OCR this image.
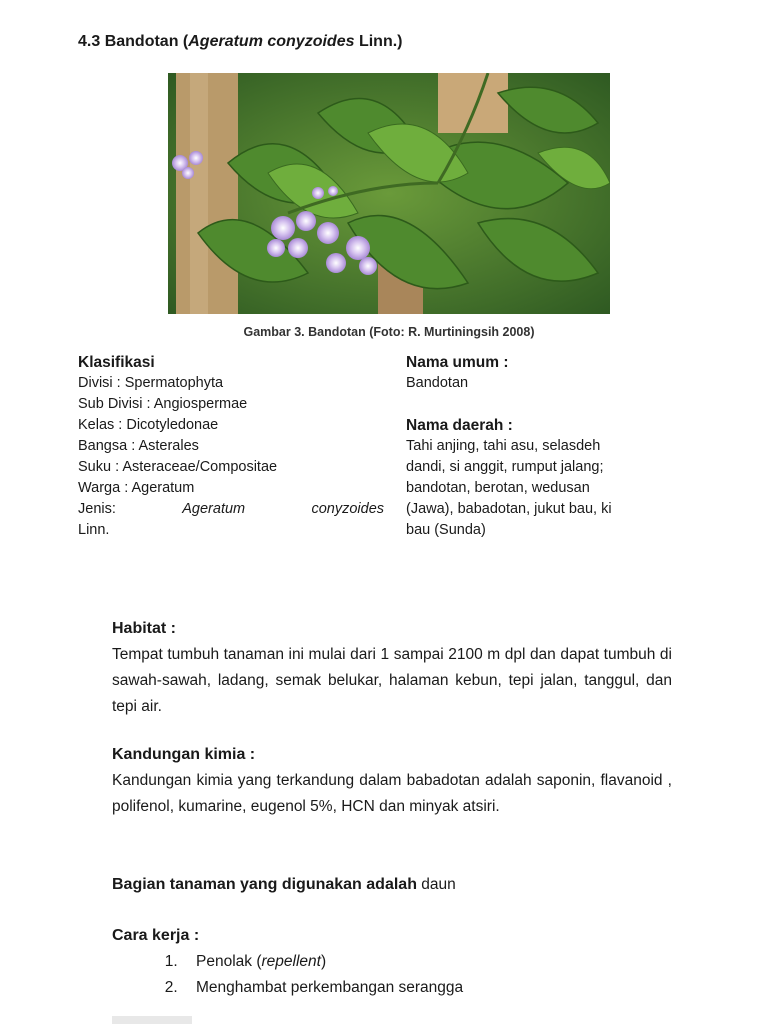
4.3 Bandotan (Ageratum conyzoides Linn.)
Gambar 3. Bandotan (Foto: R. Murtiningsih 2008)
Klasifikasi
Divisi : Spermatophyta
Sub Divisi : Angiospermae
Kelas : Dicotyledonae
Bangsa : Asterales
Suku : Asteraceae/Compositae
Warga : Ageratum
Jenis:	Ageratum conyzoides
Linn.
Nama umum :
Bandotan
Nama daerah :
Tahi anjing, tahi asu, selasdeh
dandi, si anggit, rumput jalang;
bandotan, berotan, wedusan
(Jawa), babadotan, jukut bau, ki
bau (Sunda)
Habitat :
Tempat tumbuh tanaman ini mulai dari 1 sampai 2100 m dpl dan dapat tumbuh di sawah-sawah, ladang, semak belukar, halaman kebun, tepi jalan, tanggul, dan tepi air.
Kandungan kimia :
Kandungan kimia yang terkandung dalam babadotan adalah saponin, flavanoid , polifenol, kumarine, eugenol 5%, HCN dan minyak atsiri.
Bagian tanaman yang digunakan adalah daun
Cara kerja :
1. Penolak (repellent)
2. Menghambat perkembangan serangga
